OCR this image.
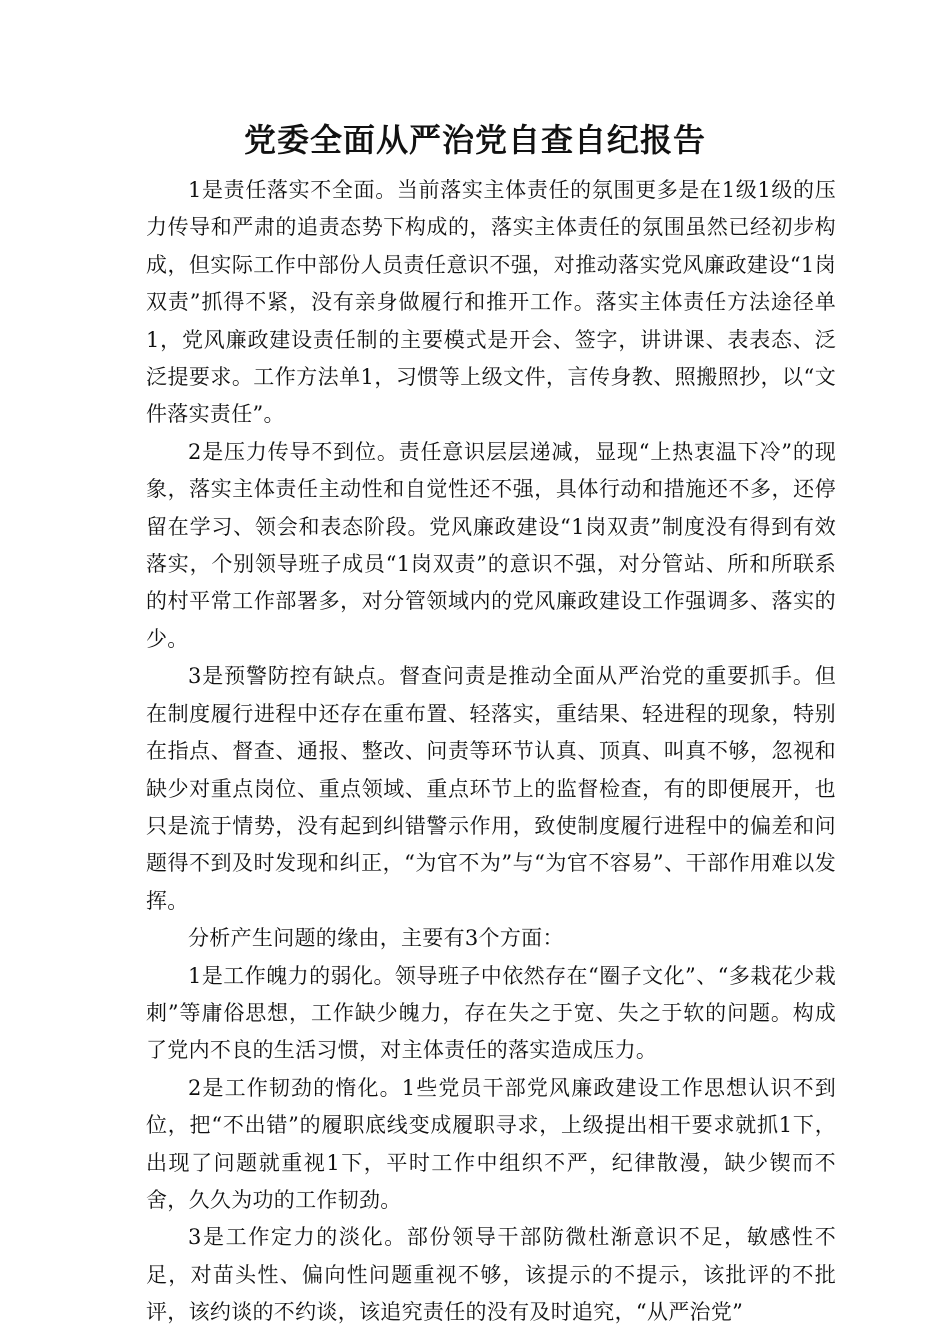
党委全面从严治党自查自纪报告

1是责任落实不全面。当前落实主体责任的氛围更多是在1级1级的压力传导和严肃的追责态势下构成的，落实主体责任的氛围虽然已经初步构成，但实际工作中部份人员责任意识不强，对推动落实党风廉政建设“1岗双责”抓得不紧，没有亲身做履行和推开工作。落实主体责任方法途径单1，党风廉政建设责任制的主要模式是开会、签字，讲讲课、表表态、泛泛提要求。工作方法单1，习惯等上级文件，言传身教、照搬照抄，以“文件落实责任”。

2是压力传导不到位。责任意识层层递减，显现“上热衷温下冷”的现象，落实主体责任主动性和自觉性还不强，具体行动和措施还不多，还停留在学习、领会和表态阶段。党风廉政建设“1岗双责”制度没有得到有效落实，个别领导班子成员“1岗双责”的意识不强，对分管站、所和所联系的村平常工作部署多，对分管领域内的党风廉政建设工作强调多、落实的少。

3是预警防控有缺点。督查问责是推动全面从严治党的重要抓手。但在制度履行进程中还存在重布置、轻落实，重结果、轻进程的现象，特别在指点、督查、通报、整改、问责等环节认真、顶真、叫真不够，忽视和缺少对重点岗位、重点领域、重点环节上的监督检查，有的即便展开，也只是流于情势，没有起到纠错警示作用，致使制度履行进程中的偏差和问题得不到及时发现和纠正，“为官不为”与“为官不容易”、干部作用难以发挥。

分析产生问题的缘由，主要有3个方面：

1是工作魄力的弱化。领导班子中依然存在“圈子文化”、“多栽花少栽刺”等庸俗思想，工作缺少魄力，存在失之于宽、失之于软的问题。构成了党内不良的生活习惯，对主体责任的落实造成压力。

2是工作韧劲的惰化。1些党员干部党风廉政建设工作思想认识不到位，把“不出错”的履职底线变成履职寻求，上级提出相干要求就抓1下，出现了问题就重视1下，平时工作中组织不严，纪律散漫，缺少锲而不舍，久久为功的工作韧劲。

3是工作定力的淡化。部份领导干部防微杜渐意识不足，敏感性不足，对苗头性、偏向性问题重视不够，该提示的不提示，该批评的不批评，该约谈的不约谈，该追究责任的没有及时追究，“从严治党”
